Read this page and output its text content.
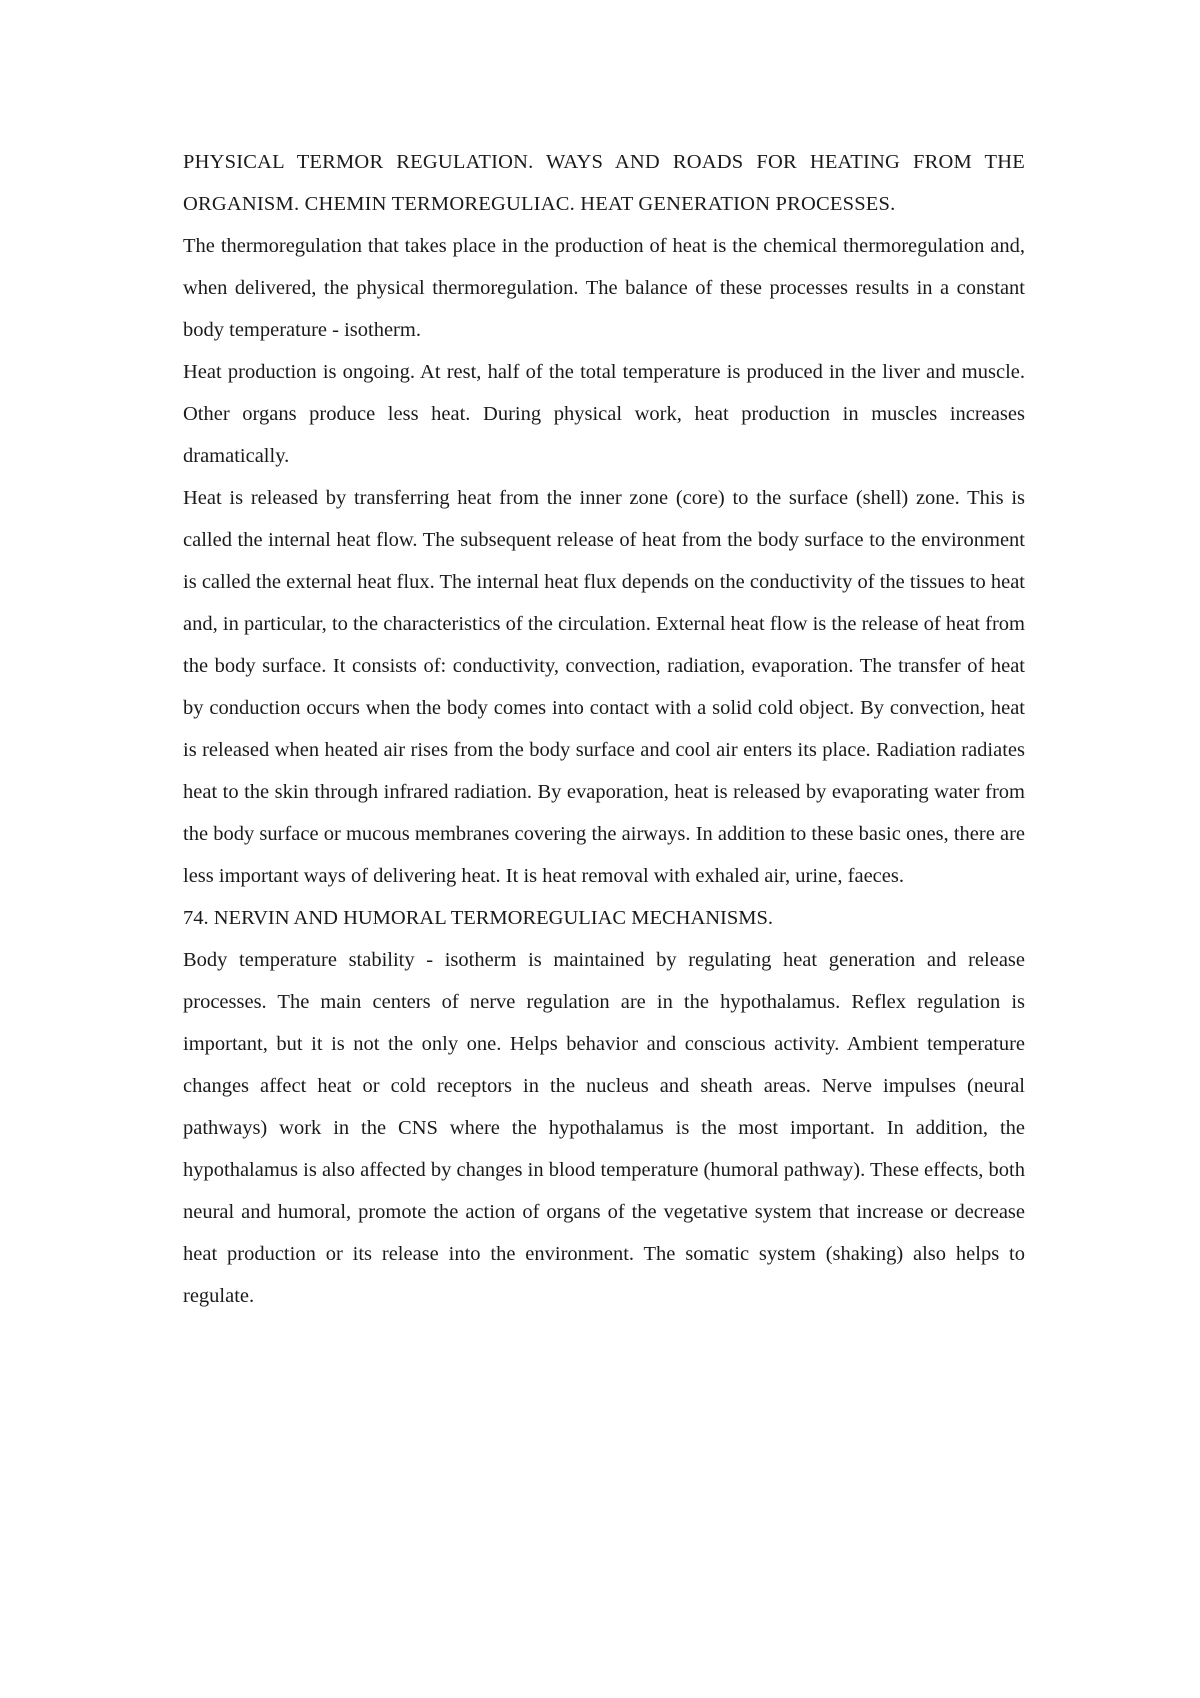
PHYSICAL TERMOR REGULATION. WAYS AND ROADS FOR HEATING FROM THE ORGANISM. CHEMIN TERMOREGULIAC. HEAT GENERATION PROCESSES.

The thermoregulation that takes place in the production of heat is the chemical thermoregulation and, when delivered, the physical thermoregulation. The balance of these processes results in a constant body temperature - isotherm.

Heat production is ongoing. At rest, half of the total temperature is produced in the liver and muscle. Other organs produce less heat. During physical work, heat production in muscles increases dramatically.

Heat is released by transferring heat from the inner zone (core) to the surface (shell) zone. This is called the internal heat flow. The subsequent release of heat from the body surface to the environment is called the external heat flux. The internal heat flux depends on the conductivity of the tissues to heat and, in particular, to the characteristics of the circulation. External heat flow is the release of heat from the body surface. It consists of: conductivity, convection, radiation, evaporation. The transfer of heat by conduction occurs when the body comes into contact with a solid cold object. By convection, heat is released when heated air rises from the body surface and cool air enters its place. Radiation radiates heat to the skin through infrared radiation. By evaporation, heat is released by evaporating water from the body surface or mucous membranes covering the airways. In addition to these basic ones, there are less important ways of delivering heat. It is heat removal with exhaled air, urine, faeces.

74. NERVIN AND HUMORAL TERMOREGULIAC MECHANISMS.

Body temperature stability - isotherm is maintained by regulating heat generation and release processes. The main centers of nerve regulation are in the hypothalamus. Reflex regulation is important, but it is not the only one. Helps behavior and conscious activity. Ambient temperature changes affect heat or cold receptors in the nucleus and sheath areas. Nerve impulses (neural pathways) work in the CNS where the hypothalamus is the most important. In addition, the hypothalamus is also affected by changes in blood temperature (humoral pathway). These effects, both neural and humoral, promote the action of organs of the vegetative system that increase or decrease heat production or its release into the environment. The somatic system (shaking) also helps to regulate.
